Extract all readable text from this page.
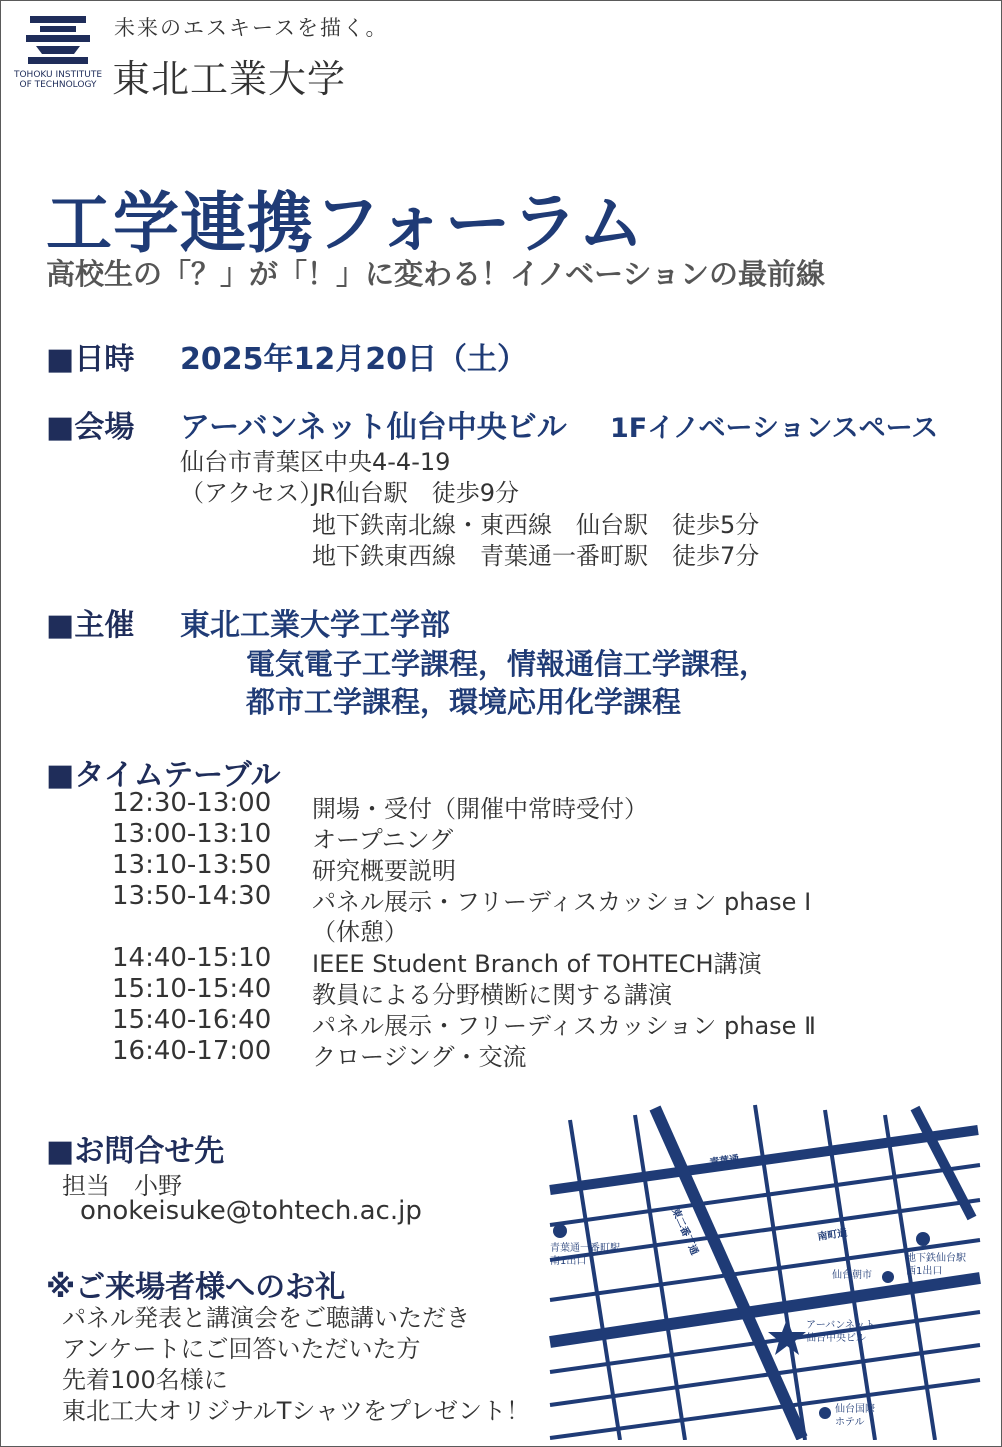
TOHOKU INSTITUTE
OF TECHNOLOGY
未来のエスキースを描く。
東北工業大学
工学連携フォーラム
高校生の「？」が「！」に変わる！イノベーションの最前線
■日時 2025年12月20日（土）
■会場 アーバンネット仙台中央ビル 1Fイノベーションスペース
仙台市青葉区中央4-4-19
（アクセス）
JR仙台駅　徒歩9分
地下鉄南北線・東西線　仙台駅　徒歩5分
地下鉄東西線　青葉通一番町駅　徒歩7分
■主催 東北工業大学工学部
電気電子工学課程，情報通信工学課程，
都市工学課程，環境応用化学課程
■タイムテーブル
12:30-13:00 開場・受付（開催中常時受付）
13:00-13:10 オープニング
13:10-13:50 研究概要説明
13:50-14:30 パネル展示・フリーディスカッション phase Ⅰ
（休憩）
14:40-15:10 IEEE Student Branch of TOHTECH講演
15:10-15:40 教員による分野横断に関する講演
15:40-16:40 パネル展示・フリーディスカッション phase Ⅱ
16:40-17:00 クロージング・交流
■お問合せ先
担当　小野
onokeisuke@tohtech.ac.jp
※ご来場者様へのお礼
パネル発表と講演会をご聴講いただき
アンケートにご回答いただいた方
先着100名様に
東北工大オリジナルTシャツをプレゼント！
青葉通
南町通
東二番丁通
青葉通一番町駅
南1出口	地下鉄仙台駅
西1出口
仙台朝市
アーバンネット
仙台中央ビル
仙台国際
ホテル
